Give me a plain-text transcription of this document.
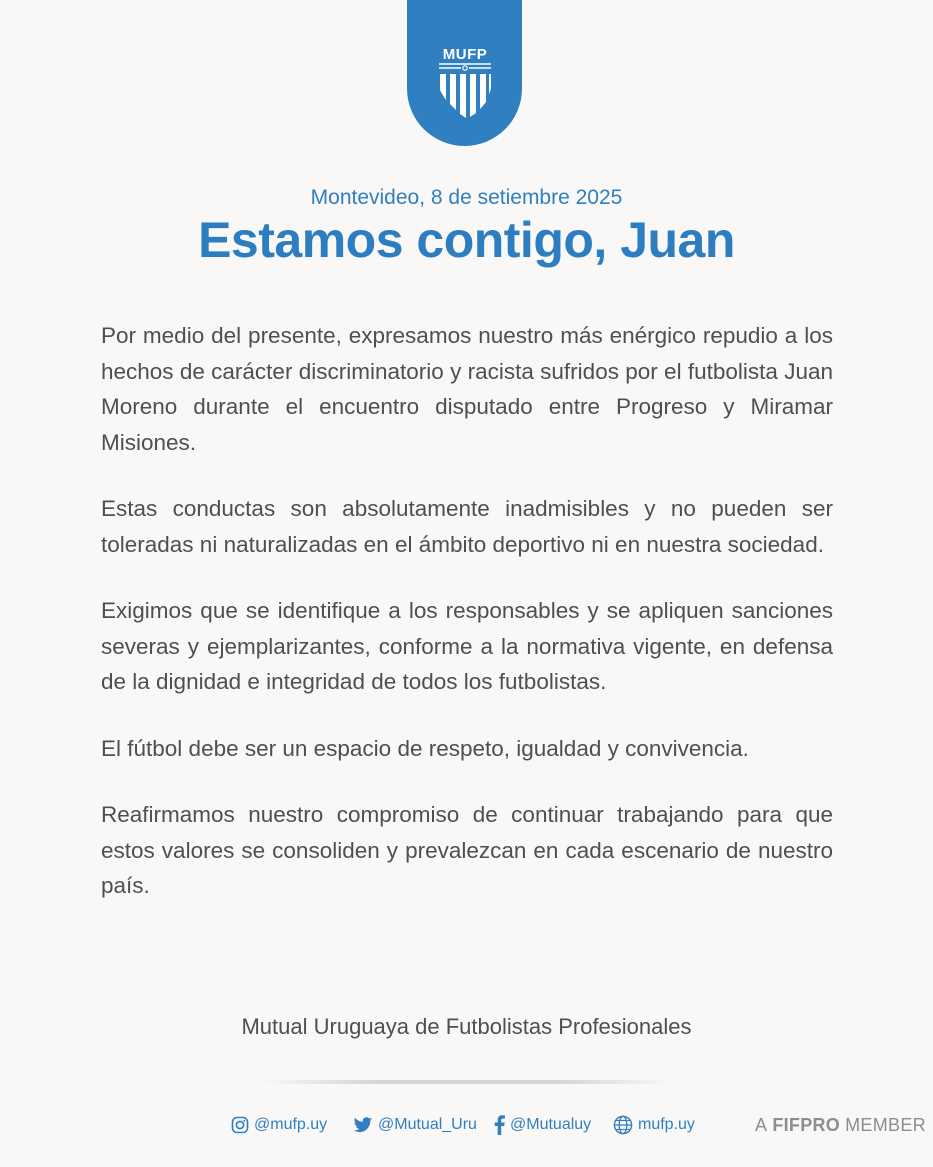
MUFP
Montevideo, 8 de setiembre 2025
Estamos contigo, Juan

Por medio del presente, expresamos nuestro más enérgico repudio a los hechos de carácter discriminatorio y racista sufridos por el futbolista Juan Moreno durante el encuentro disputado entre Progreso y Miramar Misiones.

Estas conductas son absolutamente inadmisibles y no pueden ser toleradas ni naturalizadas en el ámbito deportivo ni en nuestra sociedad.

Exigimos que se identifique a los responsables y se apliquen sanciones severas y ejemplarizantes, conforme a la normativa vigente, en defensa de la dignidad e integridad de todos los futbolistas.

El fútbol debe ser un espacio de respeto, igualdad y convivencia.

Reafirmamos nuestro compromiso de continuar trabajando para que estos valores se consoliden y prevalezcan en cada escenario de nuestro país.

Mutual Uruguaya de Futbolistas Profesionales
@mufp.uy	@Mutual_Uru @Mutualuy	mufp.uy	A FIFPRO MEMBER
